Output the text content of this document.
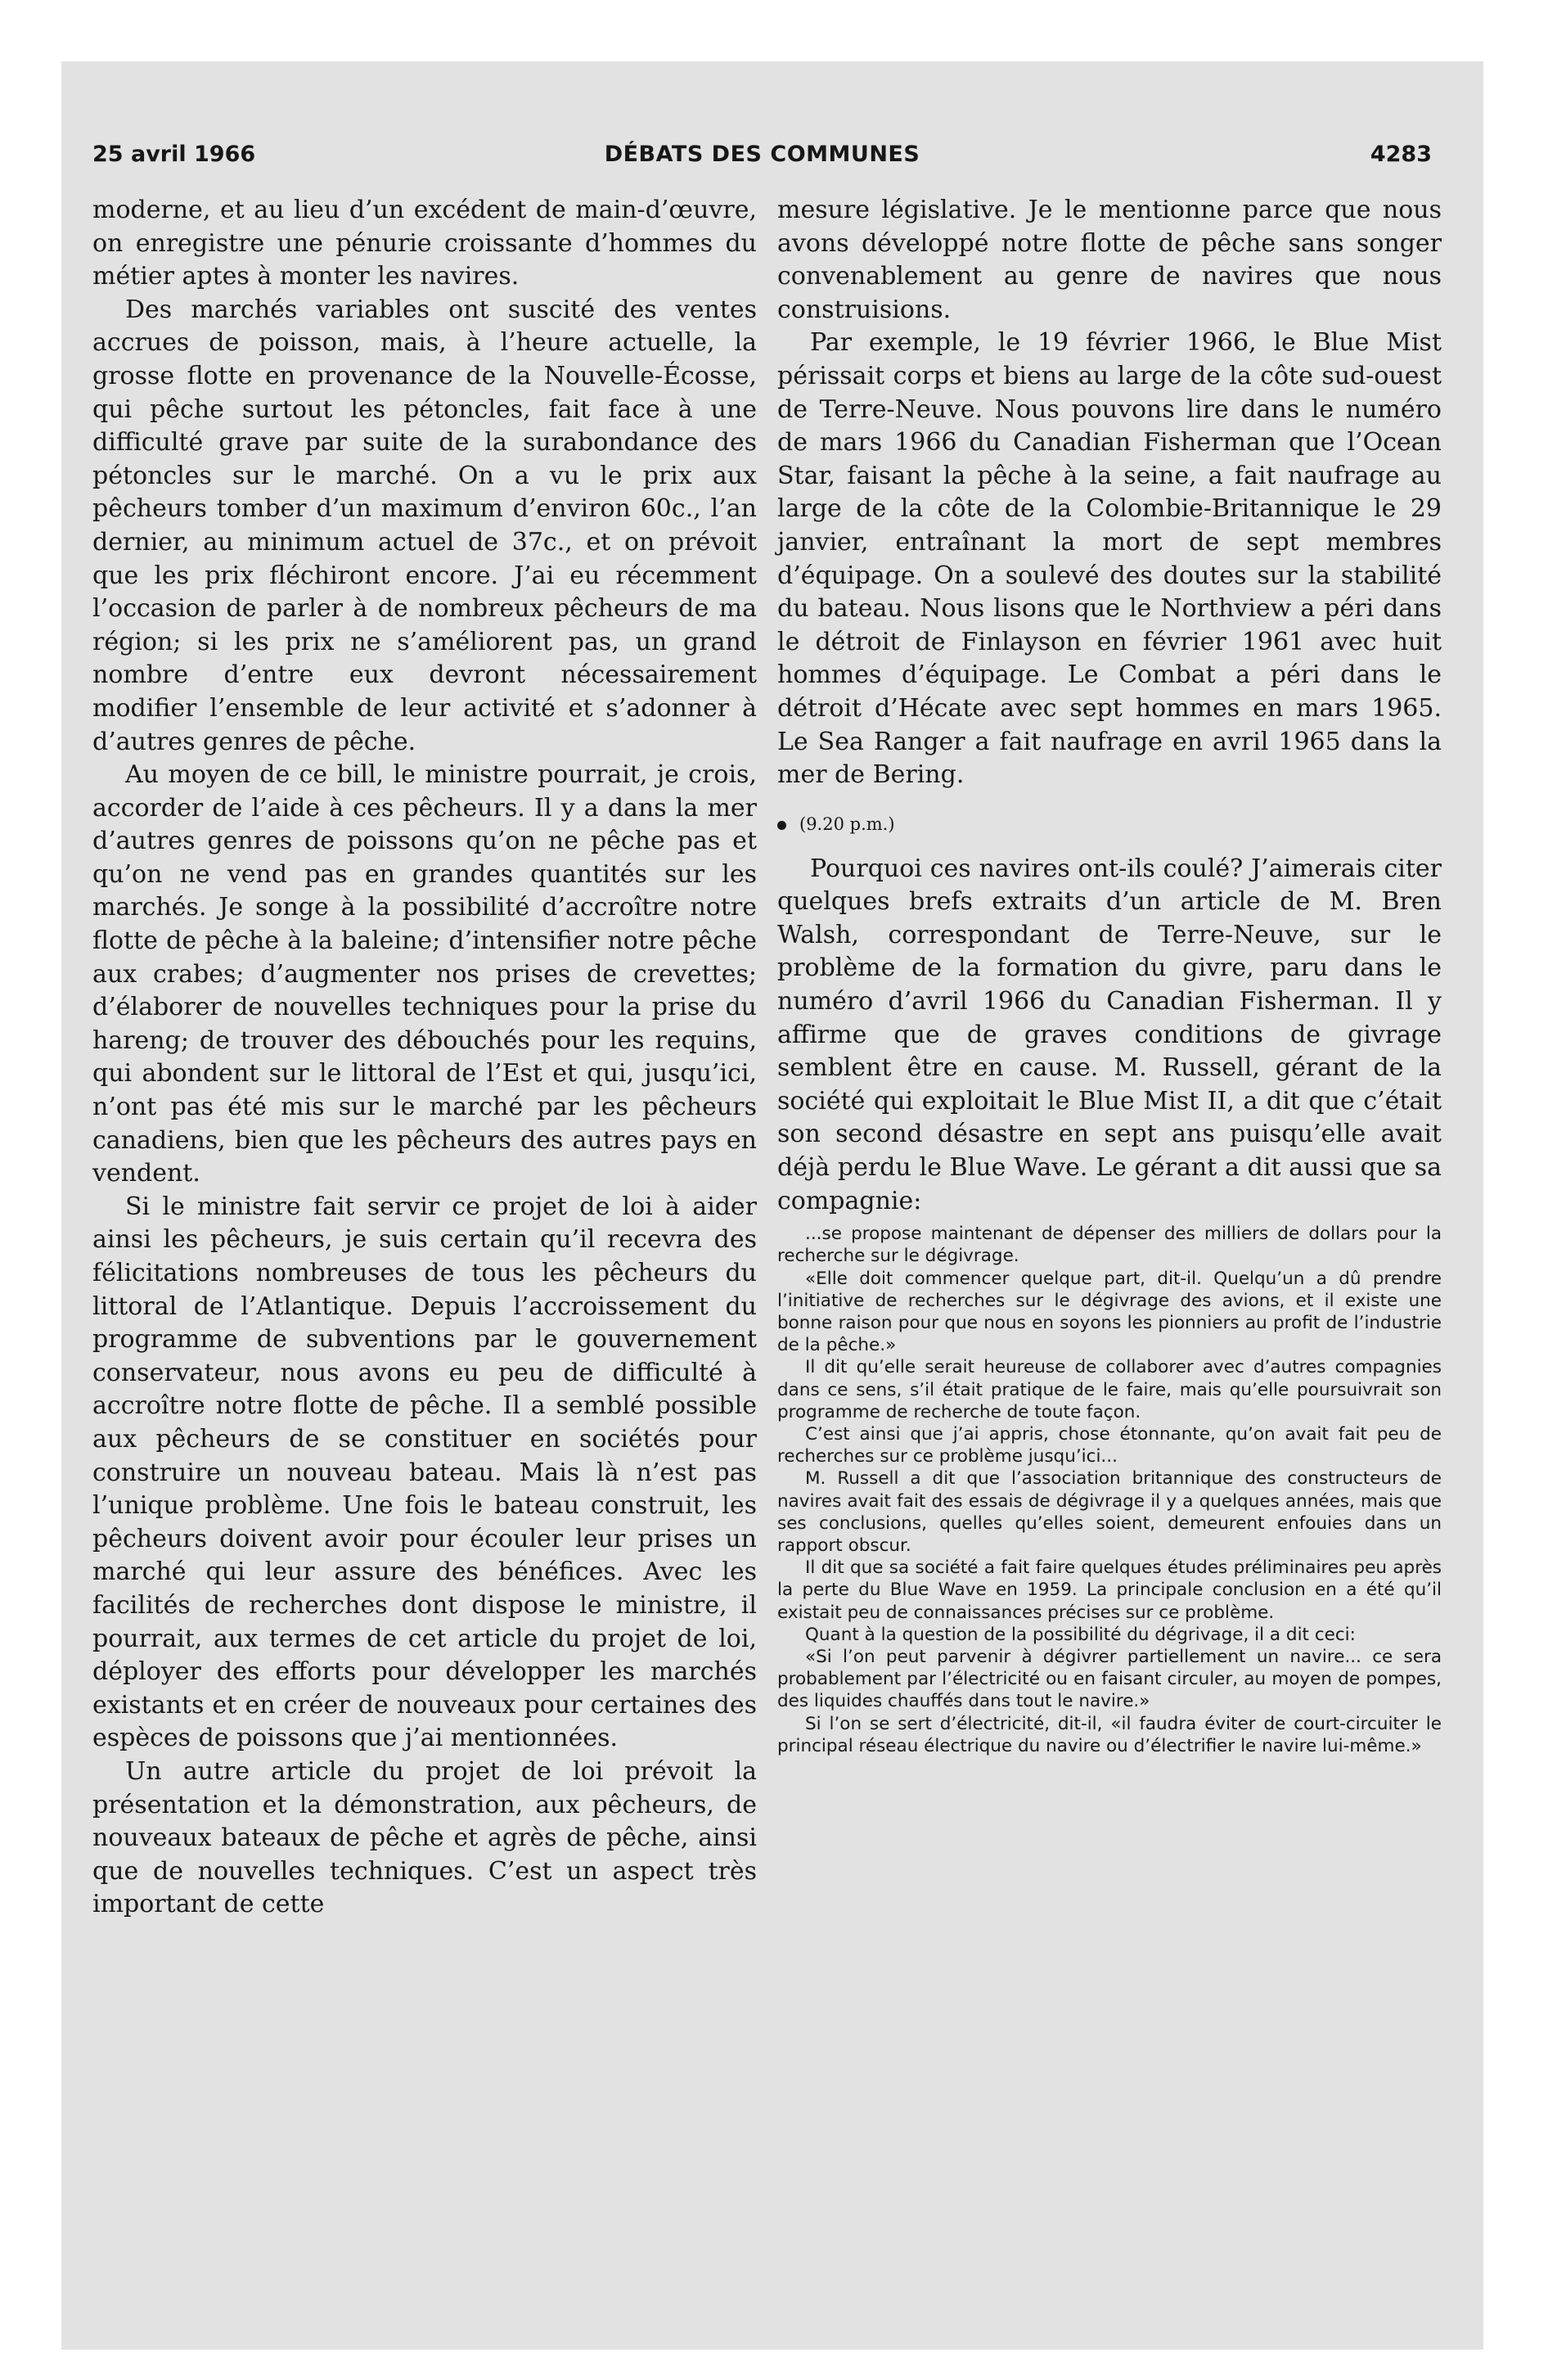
25 avril 1966	DÉBATS DES COMMUNES	4283

moderne, et au lieu d’un excédent de main-d’œuvre, on enregistre une pénurie croissante d’hommes du métier aptes à monter les navires.

Des marchés variables ont suscité des ventes accrues de poisson, mais, à l’heure actuelle, la grosse flotte en provenance de la Nouvelle-Écosse, qui pêche surtout les pétoncles, fait face à une difficulté grave par suite de la surabondance des pétoncles sur le marché. On a vu le prix aux pêcheurs tomber d’un maximum d’environ 60c., l’an dernier, au minimum actuel de 37c., et on prévoit que les prix fléchiront encore. J’ai eu récemment l’occasion de parler à de nombreux pêcheurs de ma région; si les prix ne s’améliorent pas, un grand nombre d’entre eux devront nécessairement modifier l’ensemble de leur activité et s’adonner à d’autres genres de pêche.

Au moyen de ce bill, le ministre pourrait, je crois, accorder de l’aide à ces pêcheurs. Il y a dans la mer d’autres genres de poissons qu’on ne pêche pas et qu’on ne vend pas en grandes quantités sur les marchés. Je songe à la possibilité d’accroître notre flotte de pêche à la baleine; d’intensifier notre pêche aux crabes; d’augmenter nos prises de crevettes; d’élaborer de nouvelles techniques pour la prise du hareng; de trouver des débouchés pour les requins, qui abondent sur le littoral de l’Est et qui, jusqu’ici, n’ont pas été mis sur le marché par les pêcheurs canadiens, bien que les pêcheurs des autres pays en vendent.

Si le ministre fait servir ce projet de loi à aider ainsi les pêcheurs, je suis certain qu’il recevra des félicitations nombreuses de tous les pêcheurs du littoral de l’Atlantique. Depuis l’accroissement du programme de subventions par le gouvernement conservateur, nous avons eu peu de difficulté à accroître notre flotte de pêche. Il a semblé possible aux pêcheurs de se constituer en sociétés pour construire un nouveau bateau. Mais là n’est pas l’unique problème. Une fois le bateau construit, les pêcheurs doivent avoir pour écouler leur prises un marché qui leur assure des bénéfices. Avec les facilités de recherches dont dispose le ministre, il pourrait, aux termes de cet article du projet de loi, déployer des efforts pour développer les marchés existants et en créer de nouveaux pour certaines des espèces de poissons que j’ai mentionnées.

Un autre article du projet de loi prévoit la présentation et la démonstration, aux pêcheurs, de nouveaux bateaux de pêche et agrès de pêche, ainsi que de nouvelles techniques. C’est un aspect très important de cette

mesure législative. Je le mentionne parce que nous avons développé notre flotte de pêche sans songer convenablement au genre de navires que nous construisions.

Par exemple, le 19 février 1966, le Blue Mist périssait corps et biens au large de la côte sud-ouest de Terre-Neuve. Nous pouvons lire dans le numéro de mars 1966 du Canadian Fisherman que l’Ocean Star, faisant la pêche à la seine, a fait naufrage au large de la côte de la Colombie-Britannique le 29 janvier, entraînant la mort de sept membres d’équipage. On a soulevé des doutes sur la stabilité du bateau. Nous lisons que le Northview a péri dans le détroit de Finlayson en février 1961 avec huit hommes d’équipage. Le Combat a péri dans le détroit d’Hécate avec sept hommes en mars 1965. Le Sea Ranger a fait naufrage en avril 1965 dans la mer de Bering.

(9.20 p.m.)

Pourquoi ces navires ont-ils coulé? J’aimerais citer quelques brefs extraits d’un article de M. Bren Walsh, correspondant de Terre-Neuve, sur le problème de la formation du givre, paru dans le numéro d’avril 1966 du Canadian Fisherman. Il y affirme que de graves conditions de givrage semblent être en cause. M. Russell, gérant de la société qui exploitait le Blue Mist II, a dit que c’était son second désastre en sept ans puisqu’elle avait déjà perdu le Blue Wave. Le gérant a dit aussi que sa compagnie:

...se propose maintenant de dépenser des milliers de dollars pour la recherche sur le dégivrage.

«Elle doit commencer quelque part, dit-il. Quelqu’un a dû prendre l’initiative de recherches sur le dégivrage des avions, et il existe une bonne raison pour que nous en soyons les pionniers au profit de l’industrie de la pêche.»

Il dit qu’elle serait heureuse de collaborer avec d’autres compagnies dans ce sens, s’il était pratique de le faire, mais qu’elle poursuivrait son programme de recherche de toute façon.

C’est ainsi que j’ai appris, chose étonnante, qu’on avait fait peu de recherches sur ce problème jusqu’ici...

M. Russell a dit que l’association britannique des constructeurs de navires avait fait des essais de dégivrage il y a quelques années, mais que ses conclusions, quelles qu’elles soient, demeurent enfouies dans un rapport obscur.

Il dit que sa société a fait faire quelques études préliminaires peu après la perte du Blue Wave en 1959. La principale conclusion en a été qu’il existait peu de connaissances précises sur ce problème.

Quant à la question de la possibilité du dégrivage, il a dit ceci:

«Si l’on peut parvenir à dégivrer partiellement un navire... ce sera probablement par l’électricité ou en faisant circuler, au moyen de pompes, des liquides chauffés dans tout le navire.»

Si l’on se sert d’électricité, dit-il, «il faudra éviter de court-circuiter le principal réseau électrique du navire ou d’électrifier le navire lui-même.»
